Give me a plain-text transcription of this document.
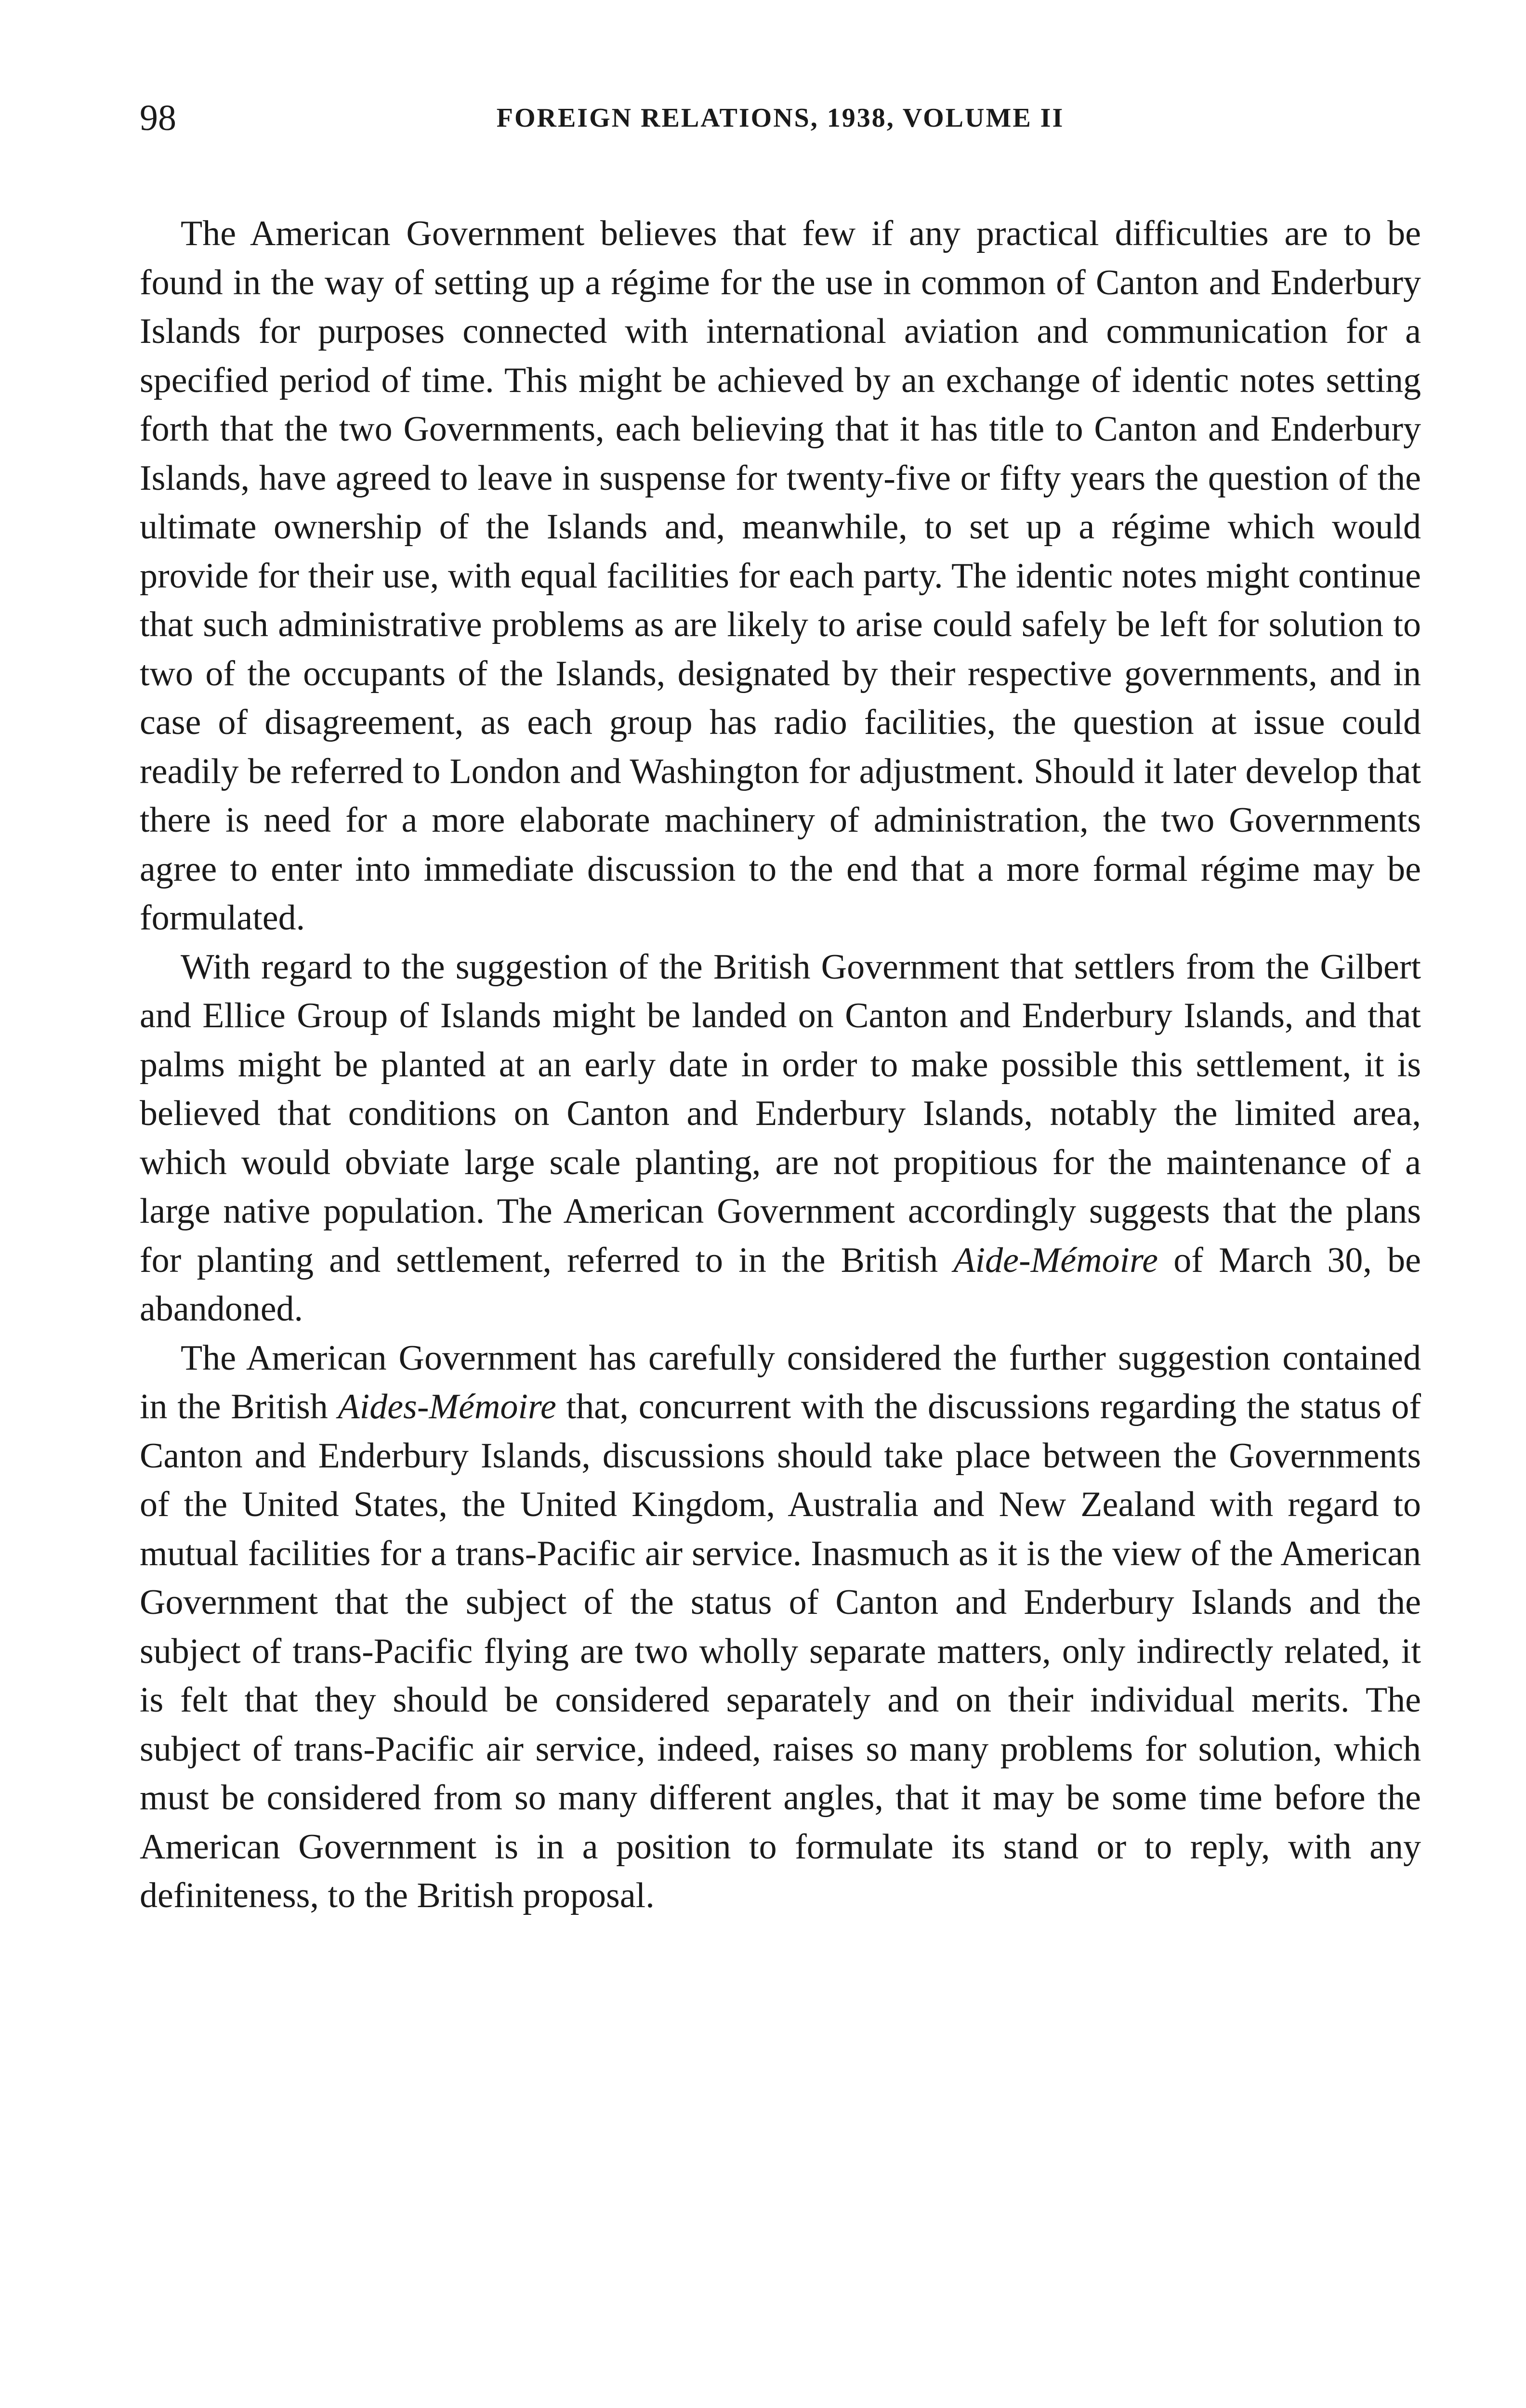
98	FOREIGN RELATIONS, 1938, VOLUME II

The American Government believes that few if any practical difficulties are to be found in the way of setting up a régime for the use in common of Canton and Enderbury Islands for purposes connected with international aviation and communication for a specified period of time. This might be achieved by an exchange of identic notes setting forth that the two Governments, each believing that it has title to Canton and Enderbury Islands, have agreed to leave in suspense for twenty-five or fifty years the question of the ultimate ownership of the Islands and, meanwhile, to set up a régime which would provide for their use, with equal facilities for each party. The identic notes might continue that such administrative problems as are likely to arise could safely be left for solution to two of the occupants of the Islands, designated by their respective governments, and in case of disagreement, as each group has radio facilities, the question at issue could readily be referred to London and Washington for adjustment. Should it later develop that there is need for a more elaborate machinery of administration, the two Governments agree to enter into immediate discussion to the end that a more formal régime may be formulated.

With regard to the suggestion of the British Government that settlers from the Gilbert and Ellice Group of Islands might be landed on Canton and Enderbury Islands, and that palms might be planted at an early date in order to make possible this settlement, it is believed that conditions on Canton and Enderbury Islands, notably the limited area, which would obviate large scale planting, are not propitious for the maintenance of a large native population. The American Government accordingly suggests that the plans for planting and settlement, referred to in the British Aide-Mémoire of March 30, be abandoned.

The American Government has carefully considered the further suggestion contained in the British Aides-Mémoire that, concurrent with the discussions regarding the status of Canton and Enderbury Islands, discussions should take place between the Governments of the United States, the United Kingdom, Australia and New Zealand with regard to mutual facilities for a trans-Pacific air service. Inasmuch as it is the view of the American Government that the subject of the status of Canton and Enderbury Islands and the subject of trans-Pacific flying are two wholly separate matters, only indirectly related, it is felt that they should be considered separately and on their individual merits. The subject of trans-Pacific air service, indeed, raises so many problems for solution, which must be considered from so many different angles, that it may be some time before the American Government is in a position to formulate its stand or to reply, with any definiteness, to the British proposal.
